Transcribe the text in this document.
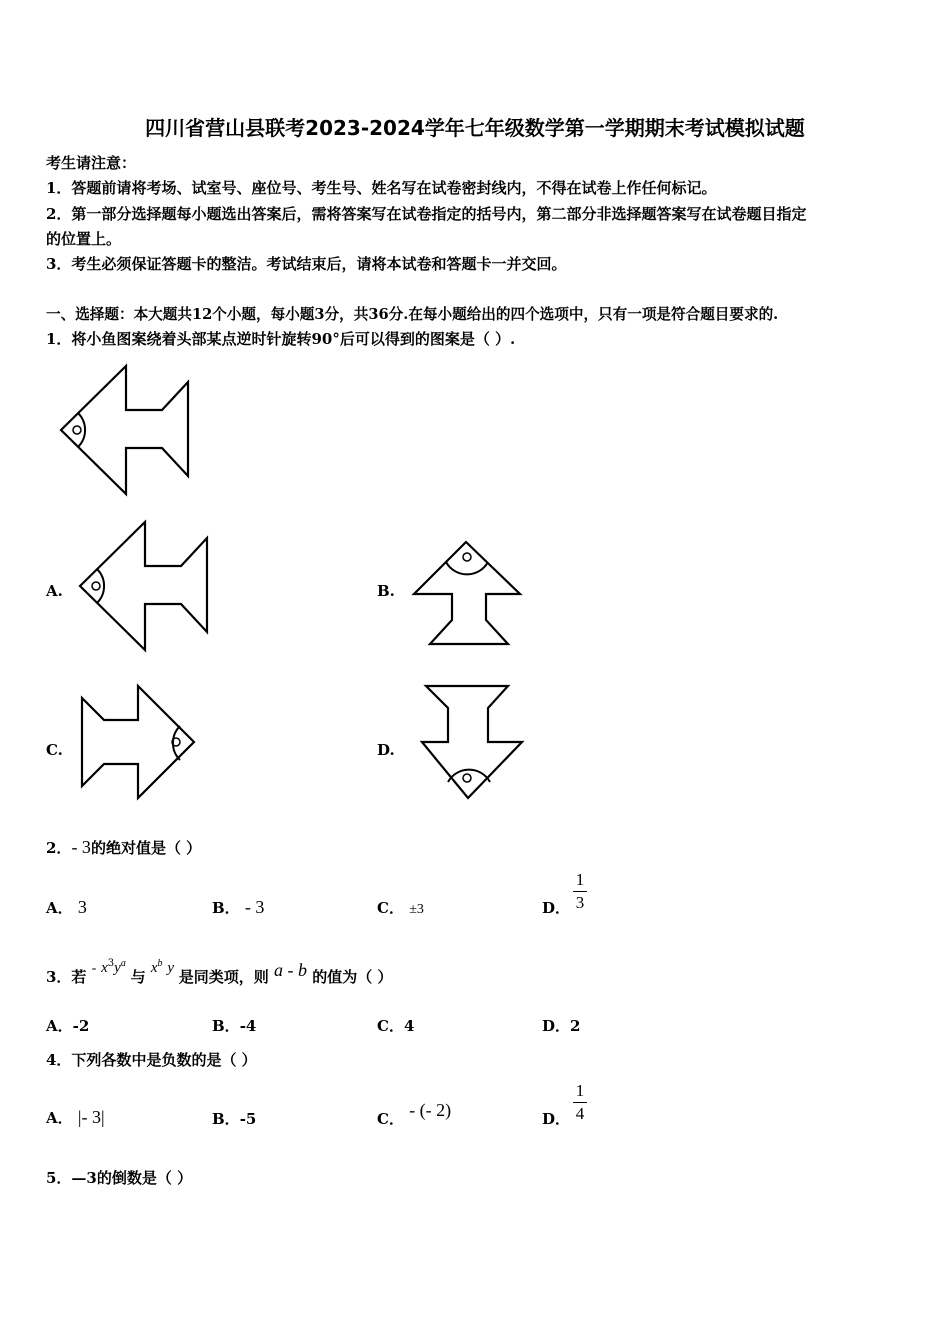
四川省营山县联考2023-2024学年七年级数学第一学期期末考试模拟试题
考生请注意：
1．答题前请将考场、试室号、座位号、考生号、姓名写在试卷密封线内，不得在试卷上作任何标记。
2．第一部分选择题每小题选出答案后，需将答案写在试卷指定的括号内，第二部分非选择题答案写在试卷题目指定
的位置上。
3．考生必须保证答题卡的整洁。考试结束后，请将本试卷和答题卡一并交回。
一、选择题：本大题共12个小题，每小题3分，共36分.在每小题给出的四个选项中，只有一项是符合题目要求的.
1．将小鱼图案绕着头部某点逆时针旋转90°后可以得到的图案是（ ）.
A.	B.
C.	D.
2．- 3的绝对值是（ ）
A． 3	B． - 3	C． ±3	D．
1
3
3．若 - $x^3y^a$ 与 $x^b$ y 是同类项，则 a - b 的值为（ ）
A．-2	B．-4	C．4	D．2
4．下列各数中是负数的是（ ）
A． |- 3|	B．-5	C． - (- 2)	D．
1
4
5．—3的倒数是（ ）
